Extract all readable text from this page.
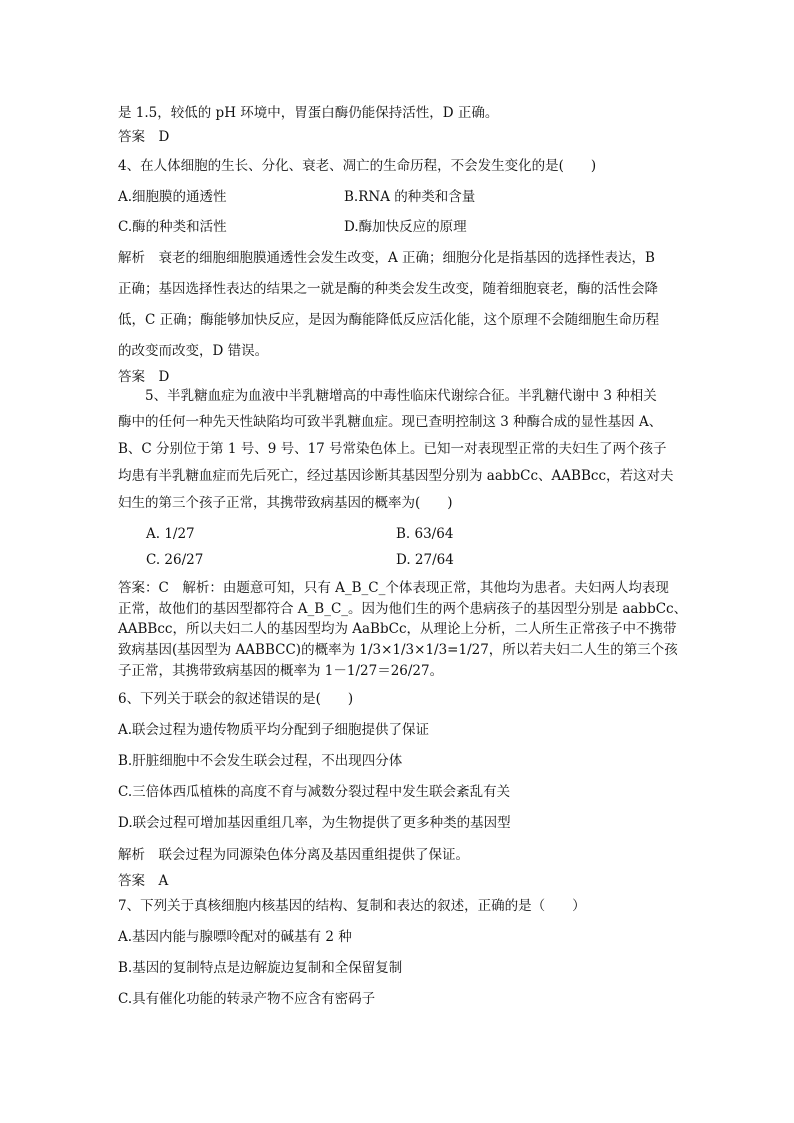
是 1.5，较低的 pH 环境中，胃蛋白酶仍能保持活性，D 正确。
答案　D
4、在人体细胞的生长、分化、衰老、凋亡的生命历程，不会发生变化的是(　　)
A.细胞膜的通透性	B.RNA 的种类和含量
C.酶的种类和活性	D.酶加快反应的原理
解析　衰老的细胞细胞膜通透性会发生改变，A 正确；细胞分化是指基因的选择性表达，B
正确；基因选择性表达的结果之一就是酶的种类会发生改变，随着细胞衰老，酶的活性会降
低，C 正确；酶能够加快反应，是因为酶能降低反应活化能，这个原理不会随细胞生命历程
的改变而改变，D 错误。
答案　D
5、半乳糖血症为血液中半乳糖增高的中毒性临床代谢综合征。半乳糖代谢中 3 种相关
酶中的任何一种先天性缺陷均可致半乳糖血症。现已查明控制这 3 种酶合成的显性基因 A、
B、C 分别位于第 1 号、9 号、17 号常染色体上。已知一对表现型正常的夫妇生了两个孩子
均患有半乳糖血症而先后死亡，经过基因诊断其基因型分别为 aabbCc、AABBcc，若这对夫
妇生的第三个孩子正常，其携带致病基因的概率为(　　)
A. 1/27	B. 63/64
C. 26/27	D. 27/64
答案：C　解析：由题意可知，只有 A_B_C_个体表现正常，其他均为患者。夫妇两人均表现
正常，故他们的基因型都符合 A_B_C_。因为他们生的两个患病孩子的基因型分别是 aabbCc、
AABBcc，所以夫妇二人的基因型均为 AaBbCc，从理论上分析，二人所生正常孩子中不携带
致病基因(基因型为 AABBCC)的概率为 1/3×1/3×1/3=1/27，所以若夫妇二人生的第三个孩
子正常，其携带致病基因的概率为 1－1/27＝26/27。
6、下列关于联会的叙述错误的是(　　)
A.联会过程为遗传物质平均分配到子细胞提供了保证
B.肝脏细胞中不会发生联会过程，不出现四分体
C.三倍体西瓜植株的高度不育与减数分裂过程中发生联会紊乱有关
D.联会过程可增加基因重组几率，为生物提供了更多种类的基因型
解析　联会过程为同源染色体分离及基因重组提供了保证。
答案　A
7、下列关于真核细胞内核基因的结构、复制和表达的叙述，正确的是（　　）
A.基因内能与腺嘌呤配对的碱基有 2 种
B.基因的复制特点是边解旋边复制和全保留复制
C.具有催化功能的转录产物不应含有密码子
